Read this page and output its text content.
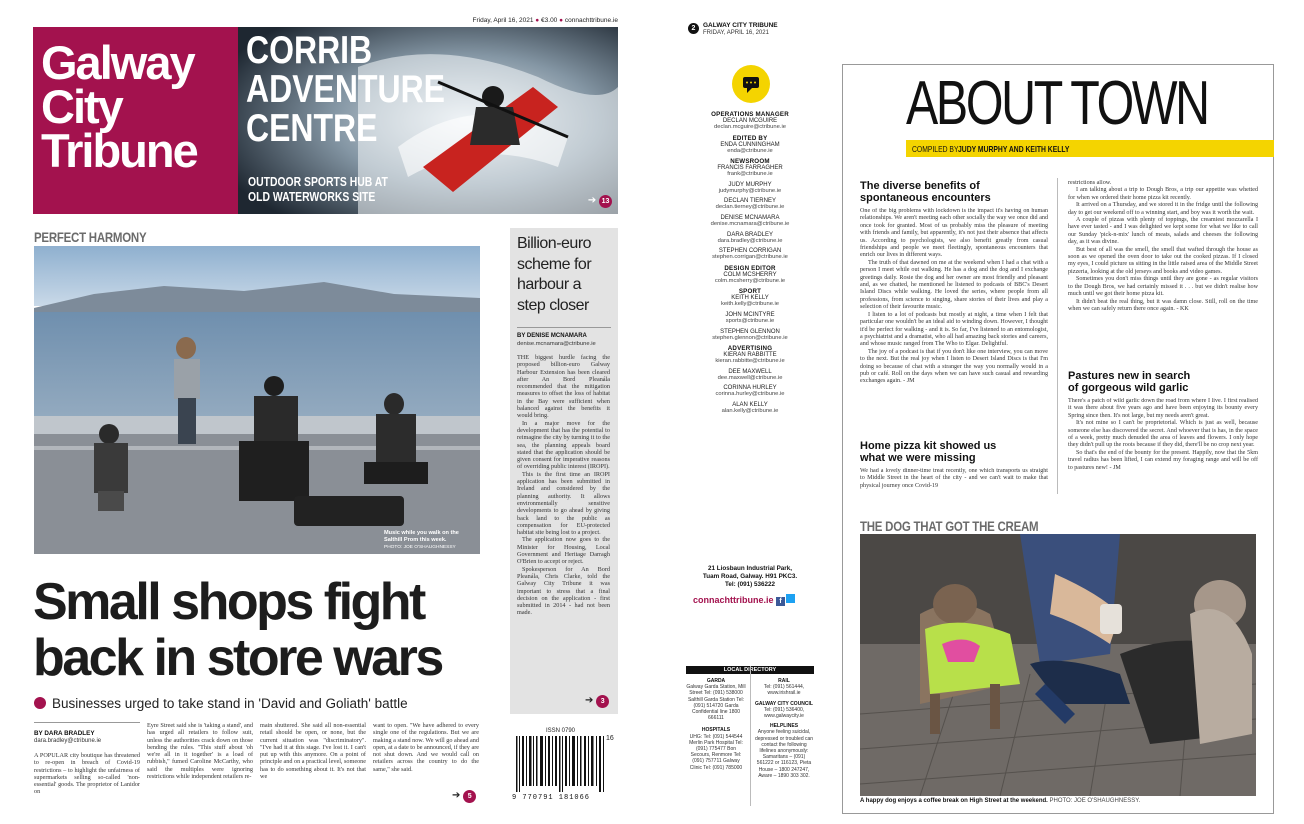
Friday, April 16, 2021 ● €3.00 ● connachttribune.ie
Galway
City
Tribune
CORRIB
ADVENTURE
CENTRE
OUTDOOR SPORTS HUB AT
OLD WATERWORKS SITE	➔ 13
PERFECT HARMONY
Music while you walk on the Salthill Prom this week.
PHOTO: JOE O'SHAUGHNESSY
Billion-euro scheme for harbour a step closer
BY DENISE MCNAMARA
denise.mcnamara@ctribune.ie

THE biggest hurdle facing the proposed billion-euro Galway Harbour Extension has been cleared after An Bord Pleanála recommended that the mitigation measures to offset the loss of habitat in the Bay were sufficient when balanced against the benefits it would bring.

In a major move for the development that has the potential to reimagine the city by turning it to the sea, the planning appeals board stated that the application should be given consent for imperative reasons of overriding public interest (IROPI).

This is the first time an IROPI application has been submitted in Ireland and considered by the planning authority. It allows environmentally sensitive developments to go ahead by giving back land to the public as compensation for EU-protected habitat site being lost to a project.

The application now goes to the Minister for Housing, Local Government and Heritage Darragh O'Brien to accept or reject.

Spokesperson for An Bord Pleanála, Chris Clarke, told the Galway City Tribune it was important to stress that a final decision on the application - first submitted in 2014 - had not been made.

➔ 3
Small shops fight
back in store wars
Businesses urged to take stand in 'David and Goliath' battle
BY DARA BRADLEY
dara.bradley@ctribune.ie
A POPULAR city boutique has threatened to re-open in breach of Covid-19 restrictions – to highlight the unfairness of supermarkets selling so-called 'non-essential' goods. The proprietor of Lanidor on
Eyre Street said she is 'taking a stand', and has urged all retailers to follow suit, unless the authorities crack down on those bending the rules. "This stuff about 'oh we're all in it together' is a load of rubbish," fumed Caroline McCarthy, who said the multiples were ignoring restrictions while independent retailers re-
main shuttered. She said all non-essential retail should be open, or none, but the current situation was "discriminatory". "I've had it at this stage. I've lost it. I can't put up with this anymore. On a point of principle and on a practical level, someone has to do something about it. It's not that we
want to open. "We have adhered to every single one of the regulations. But we are making a stand now. We will go ahead and open, at a date to be announced, if they are not shut down. And we would call on retailers across the country to do the same," she said.
➔ 5
ISSN 0790
16
9 770791 181066
2	GALWAY CITY TRIBUNE
FRIDAY, APRIL 16, 2021
OPERATIONS MANAGER
DECLAN MCGUIRE
declan.mcguire@ctribune.ie
EDITED BY
ENDA CUNNINGHAM
enda@ctribune.ie
NEWSROOM
FRANCIS FARRAGHER
frank@ctribune.ie
JUDY MURPHY
judymurphy@ctribune.ie
DECLAN TIERNEY
declan.tierney@ctribune.ie
DENISE MCNAMARA
denise.mcnamara@ctribune.ie
DARA BRADLEY
dara.bradley@ctribune.ie
STEPHEN CORRIGAN
stephen.corrigan@ctribune.ie
DESIGN EDITOR
COLM MCSHERRY
colm.mcsherry@ctribune.ie
SPORT
KEITH KELLY
keith.kelly@ctribune.ie
JOHN MCINTYRE
sports@ctribune.ie
STEPHEN GLENNON
stephen.glennon@ctribune.ie
ADVERTISING
KIERAN RABBITTE
kieran.rabbitte@ctribune.ie
DEE MAXWELL
dee.maxwell@ctribune.ie
CORINNA HURLEY
corinna.hurley@ctribune.ie
ALAN KELLY
alan.kelly@ctribune.ie
21 Liosbaun Industrial Park,
Tuam Road, Galway. H91 PKC3.
Tel: (091) 536222
connachttribune.ie f
LOCAL DIRECTORY
GARDA
Galway Garda Station, Mill Street Tel: (091) 538000 Salthill Garda Station Tel: (091) 514720 Garda Confidential line 1800 666111
HOSPITALS
UHG: Tel: (091) 544544 Merlin Park Hospital Tel: (091) 775477 Bon Secours, Renmore Tel: (091) 757711 Galway Clinic Tel: (091) 785000
RAIL
Tel: (091) 561444, www.irishrail.ie
GALWAY CITY COUNCIL
Tel: (091) 536400, www.galwaycity.ie
HELPLINES
Anyone feeling suicidal, depressed or troubled can contact the following lifelines anonymously: Samaritans – (091) 561222 or 116123, Pieta House – 1800 247247, Aware – 1890 303 302.
ABOUT TOWN
COMPILED BY JUDY MURPHY AND KEITH KELLY
The diverse benefits of
spontaneous encounters

One of the big problems with lockdown is the impact it's having on human relationships. We aren't meeting each other socially the way we once did and once took for granted. Most of us probably miss the pleasure of meeting with friends and family, but apparently, it's not just their absence that affects us. According to psychologists, we also benefit greatly from casual friendships and people we meet fleetingly, spontaneous encounters that enrich our lives in different ways.

The truth of that dawned on me at the weekend when I had a chat with a person I meet while out walking. He has a dog and the dog and I exchange greetings daily. Rosie the dog and her owner are most friendly and pleasant and, as we chatted, he mentioned he listened to podcasts of BBC's Desert Island Discs while walking. He loved the series, where people from all professions, from science to singing, share stories of their lives and play a selection of their favourite music.

I listen to a lot of podcasts but mostly at night, a time when I felt that particular one wouldn't be an ideal aid to winding down. However, I thought it'd be perfect for walking - and it is. So far, I've listened to an entomologist, a psychiatrist and a dramatist, who all had amazing back stories and careers, and whose music ranged from The Who to Elgar. Delightful.

The joy of a podcast is that if you don't like one interview, you can move to the next. But the real joy when I listen to Desert Island Discs is that I'm doing so because of chat with a stranger the way you normally would in a pub or café. Roll on the days when we can have such casual and rewarding exchanges again. - JM

Home pizza kit showed us
what we were missing
We had a lovely dinner-time treat recently, one which transports us straight to Middle Street in the heart of the city - and we can't wait to make that physical journey once Covid-19

restrictions allow.

I am talking about a trip to Dough Bros, a trip our appetite was whetted for when we ordered their home pizza kit recently.

It arrived on a Thursday, and we stored it in the fridge until the following day to get our weekend off to a winning start, and boy was it worth the wait.

A couple of pizzas with plenty of toppings, the creamiest mozzarella I have ever tasted - and I was delighted we kept some for what we like to call our Sunday 'pick-n-mix' lunch of meats, salads and cheeses the following day, as it was divine.

But best of all was the smell, the smell that wafted through the house as soon as we opened the oven door to take out the cooked pizzas. If I closed my eyes, I could picture us sitting in the little raised area of the Middle Street pizzeria, looking at the old jerseys and books and video games.

Sometimes you don't miss things until they are gone - as regular visitors to the Dough Bros, we had certainly missed it . . . but we didn't realise how much until we got their home pizza kit.

It didn't beat the real thing, but it was damn close. Still, roll on the time when we can safely return there once again. - KK

Pastures new in search
of gorgeous wild garlic

There's a patch of wild garlic down the road from where I live. I first realised it was there about five years ago and have been enjoying its bounty every Spring since then. It's not large, but my needs aren't great.

It's not mine so I can't be proprietorial. Which is just as well, because someone else has discovered the secret. And whoever that is has, in the space of a week, pretty much denuded the area of leaves and flowers. I only hope they didn't pull up the roots because if they did, there'll be no crop next year.

So that's the end of the bounty for the present. Happily, now that the 5km travel radius has been lifted, I can extend my foraging range and will be off to pastures new! - JM

THE DOG THAT GOT THE CREAM
A happy dog enjoys a coffee break on High Street at the weekend. PHOTO: JOE O'SHAUGHNESSY.
